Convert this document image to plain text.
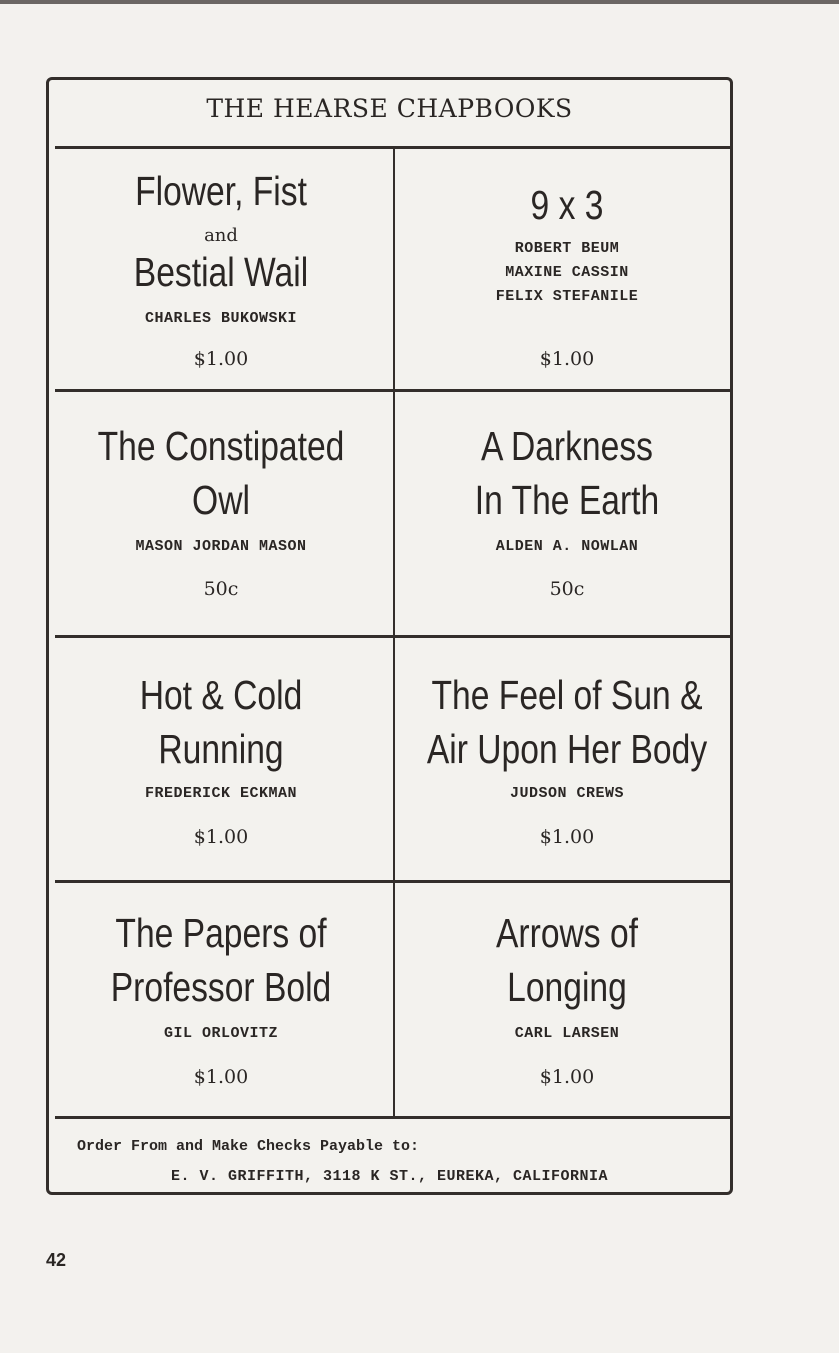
THE HEARSE CHAPBOOKS
Flower, Fist
and
Bestial Wail
CHARLES BUKOWSKI
$1.00
9 x 3
ROBERT BEUM
MAXINE CASSIN
FELIX STEFANILE
$1.00
The Constipated
Owl
MASON JORDAN MASON
50c
A Darkness
In The Earth
ALDEN A. NOWLAN
50c
Hot & Cold
Running
FREDERICK ECKMAN
$1.00
The Feel of Sun &
Air Upon Her Body
JUDSON CREWS
$1.00
The Papers of
Professor Bold
GIL ORLOVITZ
$1.00
Arrows of
Longing
CARL LARSEN
$1.00
Order From and Make Checks Payable to:
E. V. GRIFFITH, 3118 K ST., EUREKA, CALIFORNIA
42
